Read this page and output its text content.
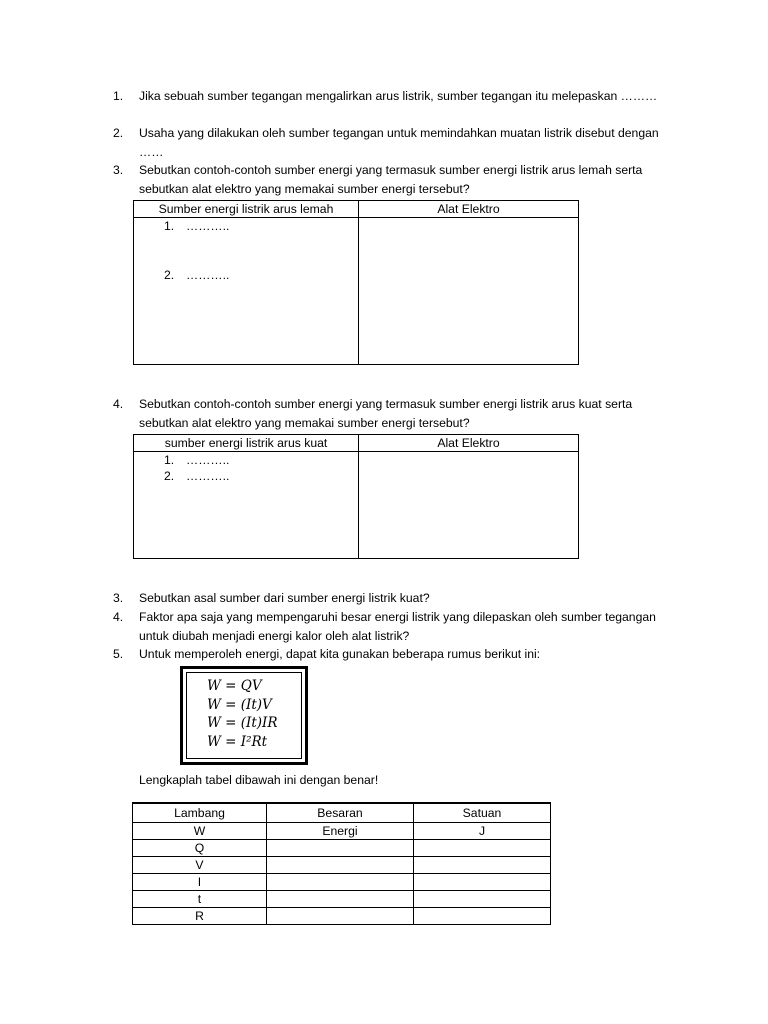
1.	Jika sebuah sumber tegangan mengalirkan arus listrik, sumber tegangan itu melepaskan ………
2.	Usaha yang dilakukan oleh sumber tegangan untuk memindahkan muatan listrik disebut dengan ……
3.	Sebutkan contoh-contoh sumber energi yang termasuk sumber energi listrik arus lemah serta sebutkan alat elektro yang memakai sumber energi tersebut?
Sumber energi listrik arus lemah	Alat Elektro

1. ………..
2. ………..	

4.	Sebutkan contoh-contoh sumber energi yang termasuk sumber energi listrik arus kuat serta sebutkan alat elektro yang memakai sumber energi tersebut?
sumber energi listrik arus kuat	Alat Elektro

1. ………..
2. ………..	

3.	Sebutkan asal sumber dari sumber energi listrik kuat?
4.	Faktor apa saja yang mempengaruhi besar energi listrik yang dilepaskan oleh sumber tegangan untuk diubah menjadi energi kalor oleh alat listrik?
5.	Untuk memperoleh energi, dapat kita gunakan beberapa rumus berikut ini:
W = QV
W = (It)V
W = (It)IR
W = I²Rt
Lengkaplah tabel dibawah ini dengan benar!
Lambang	Besaran	Satuan
W	Energi	J
Q		
V		
I		
t		
R		
